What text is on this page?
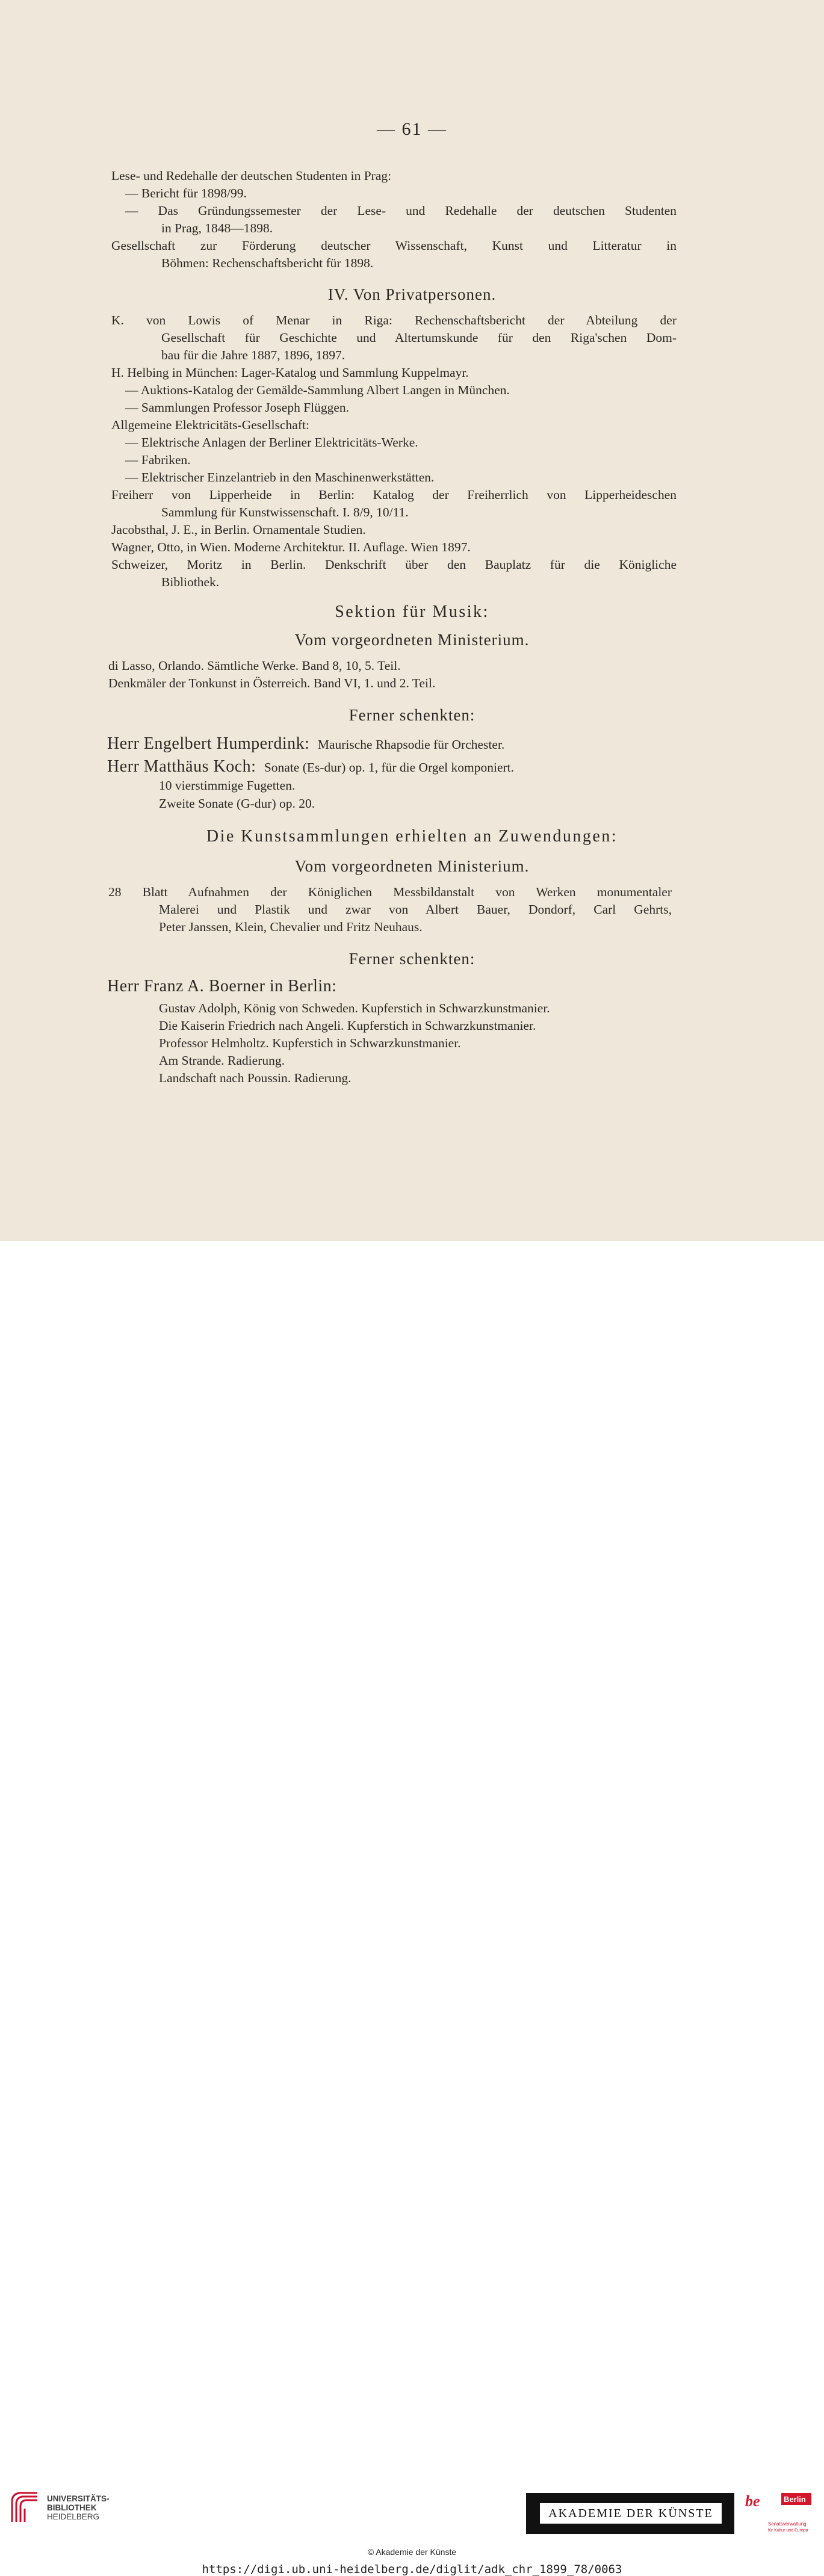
— 61 —
Lese- und Redehalle der deutschen Studenten in Prag:
— Bericht für 1898/99.
— Das Gründungssemester der Lese- und Redehalle der deutschen Studenten
in Prag, 1848—1898.
Gesellschaft zur Förderung deutscher Wissenschaft, Kunst und Litteratur in
Böhmen: Rechenschaftsbericht für 1898.
IV. Von Privatpersonen.
K. von Lowis of Menar in Riga: Rechenschaftsbericht der Abteilung der
Gesellschaft für Geschichte und Altertumskunde für den Riga'schen Dom-
bau für die Jahre 1887, 1896, 1897.
H. Helbing in München: Lager-Katalog und Sammlung Kuppelmayr.
— Auktions-Katalog der Gemälde-Sammlung Albert Langen in München.
— Sammlungen Professor Joseph Flüggen.
Allgemeine Elektricitäts-Gesellschaft:
— Elektrische Anlagen der Berliner Elektricitäts-Werke.
— Fabriken.
— Elektrischer Einzelantrieb in den Maschinenwerkstätten.
Freiherr von Lipperheide in Berlin: Katalog der Freiherrlich von Lipperheideschen
Sammlung für Kunstwissenschaft. I. 8/9, 10/11.
Jacobsthal, J. E., in Berlin. Ornamentale Studien.
Wagner, Otto, in Wien. Moderne Architektur. II. Auflage. Wien 1897.
Schweizer, Moritz in Berlin. Denkschrift über den Bauplatz für die Königliche
Bibliothek.
Sektion für Musik:
Vom vorgeordneten Ministerium.
di Lasso, Orlando. Sämtliche Werke. Band 8, 10, 5. Teil.
Denkmäler der Tonkunst in Österreich. Band VI, 1. und 2. Teil.
Ferner schenkten:
Herr Engelbert Humperdink: Maurische Rhapsodie für Orchester.
Herr Matthäus Koch: Sonate (Es-dur) op. 1, für die Orgel komponiert.
10 vierstimmige Fugetten.
Zweite Sonate (G-dur) op. 20.
Die Kunstsammlungen erhielten an Zuwendungen:
Vom vorgeordneten Ministerium.
28 Blatt Aufnahmen der Königlichen Messbildanstalt von Werken monumentaler
Malerei und Plastik und zwar von Albert Bauer, Dondorf, Carl Gehrts,
Peter Janssen, Klein, Chevalier und Fritz Neuhaus.
Ferner schenkten:
Herr Franz A. Boerner in Berlin:
Gustav Adolph, König von Schweden. Kupferstich in Schwarzkunstmanier.
Die Kaiserin Friedrich nach Angeli. Kupferstich in Schwarzkunstmanier.
Professor Helmholtz. Kupferstich in Schwarzkunstmanier.
Am Strande. Radierung.
Landschaft nach Poussin. Radierung.
UNIVERSITÄTS-
BIBLIOTHEK
HEIDELBERG	AKADEMIE DER KÜNSTE
be	Berlin
Senatsverwaltung
für Kultur und Europa
© Akademie der Künste
https://digi.ub.uni-heidelberg.de/diglit/adk_chr_1899_78/0063
